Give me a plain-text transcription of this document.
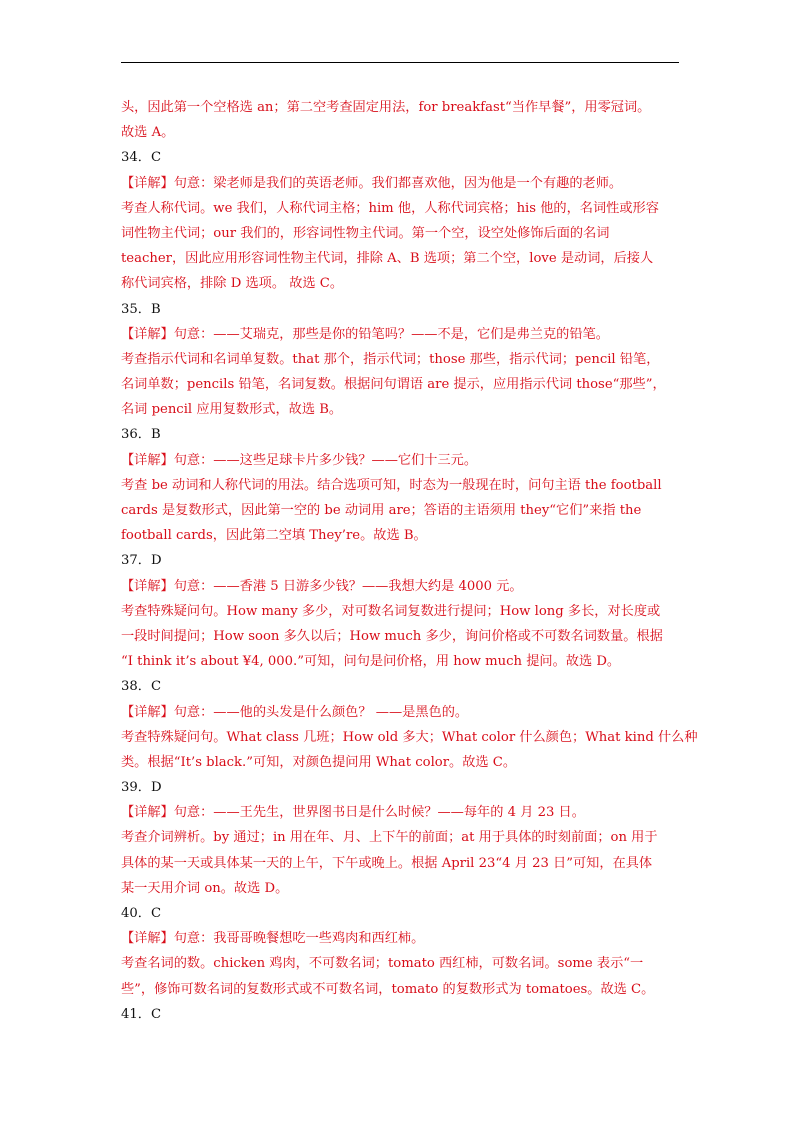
头，因此第一个空格选 an；第二空考查固定用法，for breakfast“当作早餐”，用零冠词。
故选 A。
34．C
【详解】句意：梁老师是我们的英语老师。我们都喜欢他，因为他是一个有趣的老师。
考查人称代词。we 我们，人称代词主格；him 他，人称代词宾格；his 他的，名词性或形容
词性物主代词；our 我们的，形容词性物主代词。第一个空，设空处修饰后面的名词
teacher，因此应用形容词性物主代词，排除 A、B 选项；第二个空，love 是动词，后接人
称代词宾格，排除 D 选项。 故选 C。
35．B
【详解】句意：——艾瑞克，那些是你的铅笔吗？——不是，它们是弗兰克的铅笔。
考查指示代词和名词单复数。that 那个，指示代词；those 那些，指示代词；pencil 铅笔，
名词单数；pencils 铅笔，名词复数。根据问句谓语 are 提示，应用指示代词 those“那些”，
名词 pencil 应用复数形式，故选 B。
36．B
【详解】句意：——这些足球卡片多少钱？——它们十三元。
考查 be 动词和人称代词的用法。结合选项可知，时态为一般现在时，问句主语 the football
cards 是复数形式，因此第一空的 be 动词用 are；答语的主语须用 they“它们”来指 the
football cards，因此第二空填 They’re。故选 B。
37．D
【详解】句意：——香港 5 日游多少钱？——我想大约是 4000 元。
考查特殊疑问句。How many 多少，对可数名词复数进行提问；How long 多长，对长度或
一段时间提问；How soon 多久以后；How much 多少，询问价格或不可数名词数量。根据
“I think it’s about ¥4, 000.”可知，问句是问价格，用 how much 提问。故选 D。
38．C
【详解】句意：——他的头发是什么颜色？ ——是黑色的。
考查特殊疑问句。What class 几班；How old 多大；What color 什么颜色；What kind 什么种
类。根据“It’s black.”可知，对颜色提问用 What color。故选 C。
39．D
【详解】句意：——王先生，世界图书日是什么时候？——每年的 4 月 23 日。
考查介词辨析。by 通过；in 用在年、月、上下午的前面；at 用于具体的时刻前面；on 用于
具体的某一天或具体某一天的上午，下午或晚上。根据 April 23“4 月 23 日”可知，在具体
某一天用介词 on。故选 D。
40．C
【详解】句意：我哥哥晚餐想吃一些鸡肉和西红柿。
考查名词的数。chicken 鸡肉，不可数名词；tomato 西红柿，可数名词。some 表示“一
些”，修饰可数名词的复数形式或不可数名词，tomato 的复数形式为 tomatoes。故选 C。
41．C
